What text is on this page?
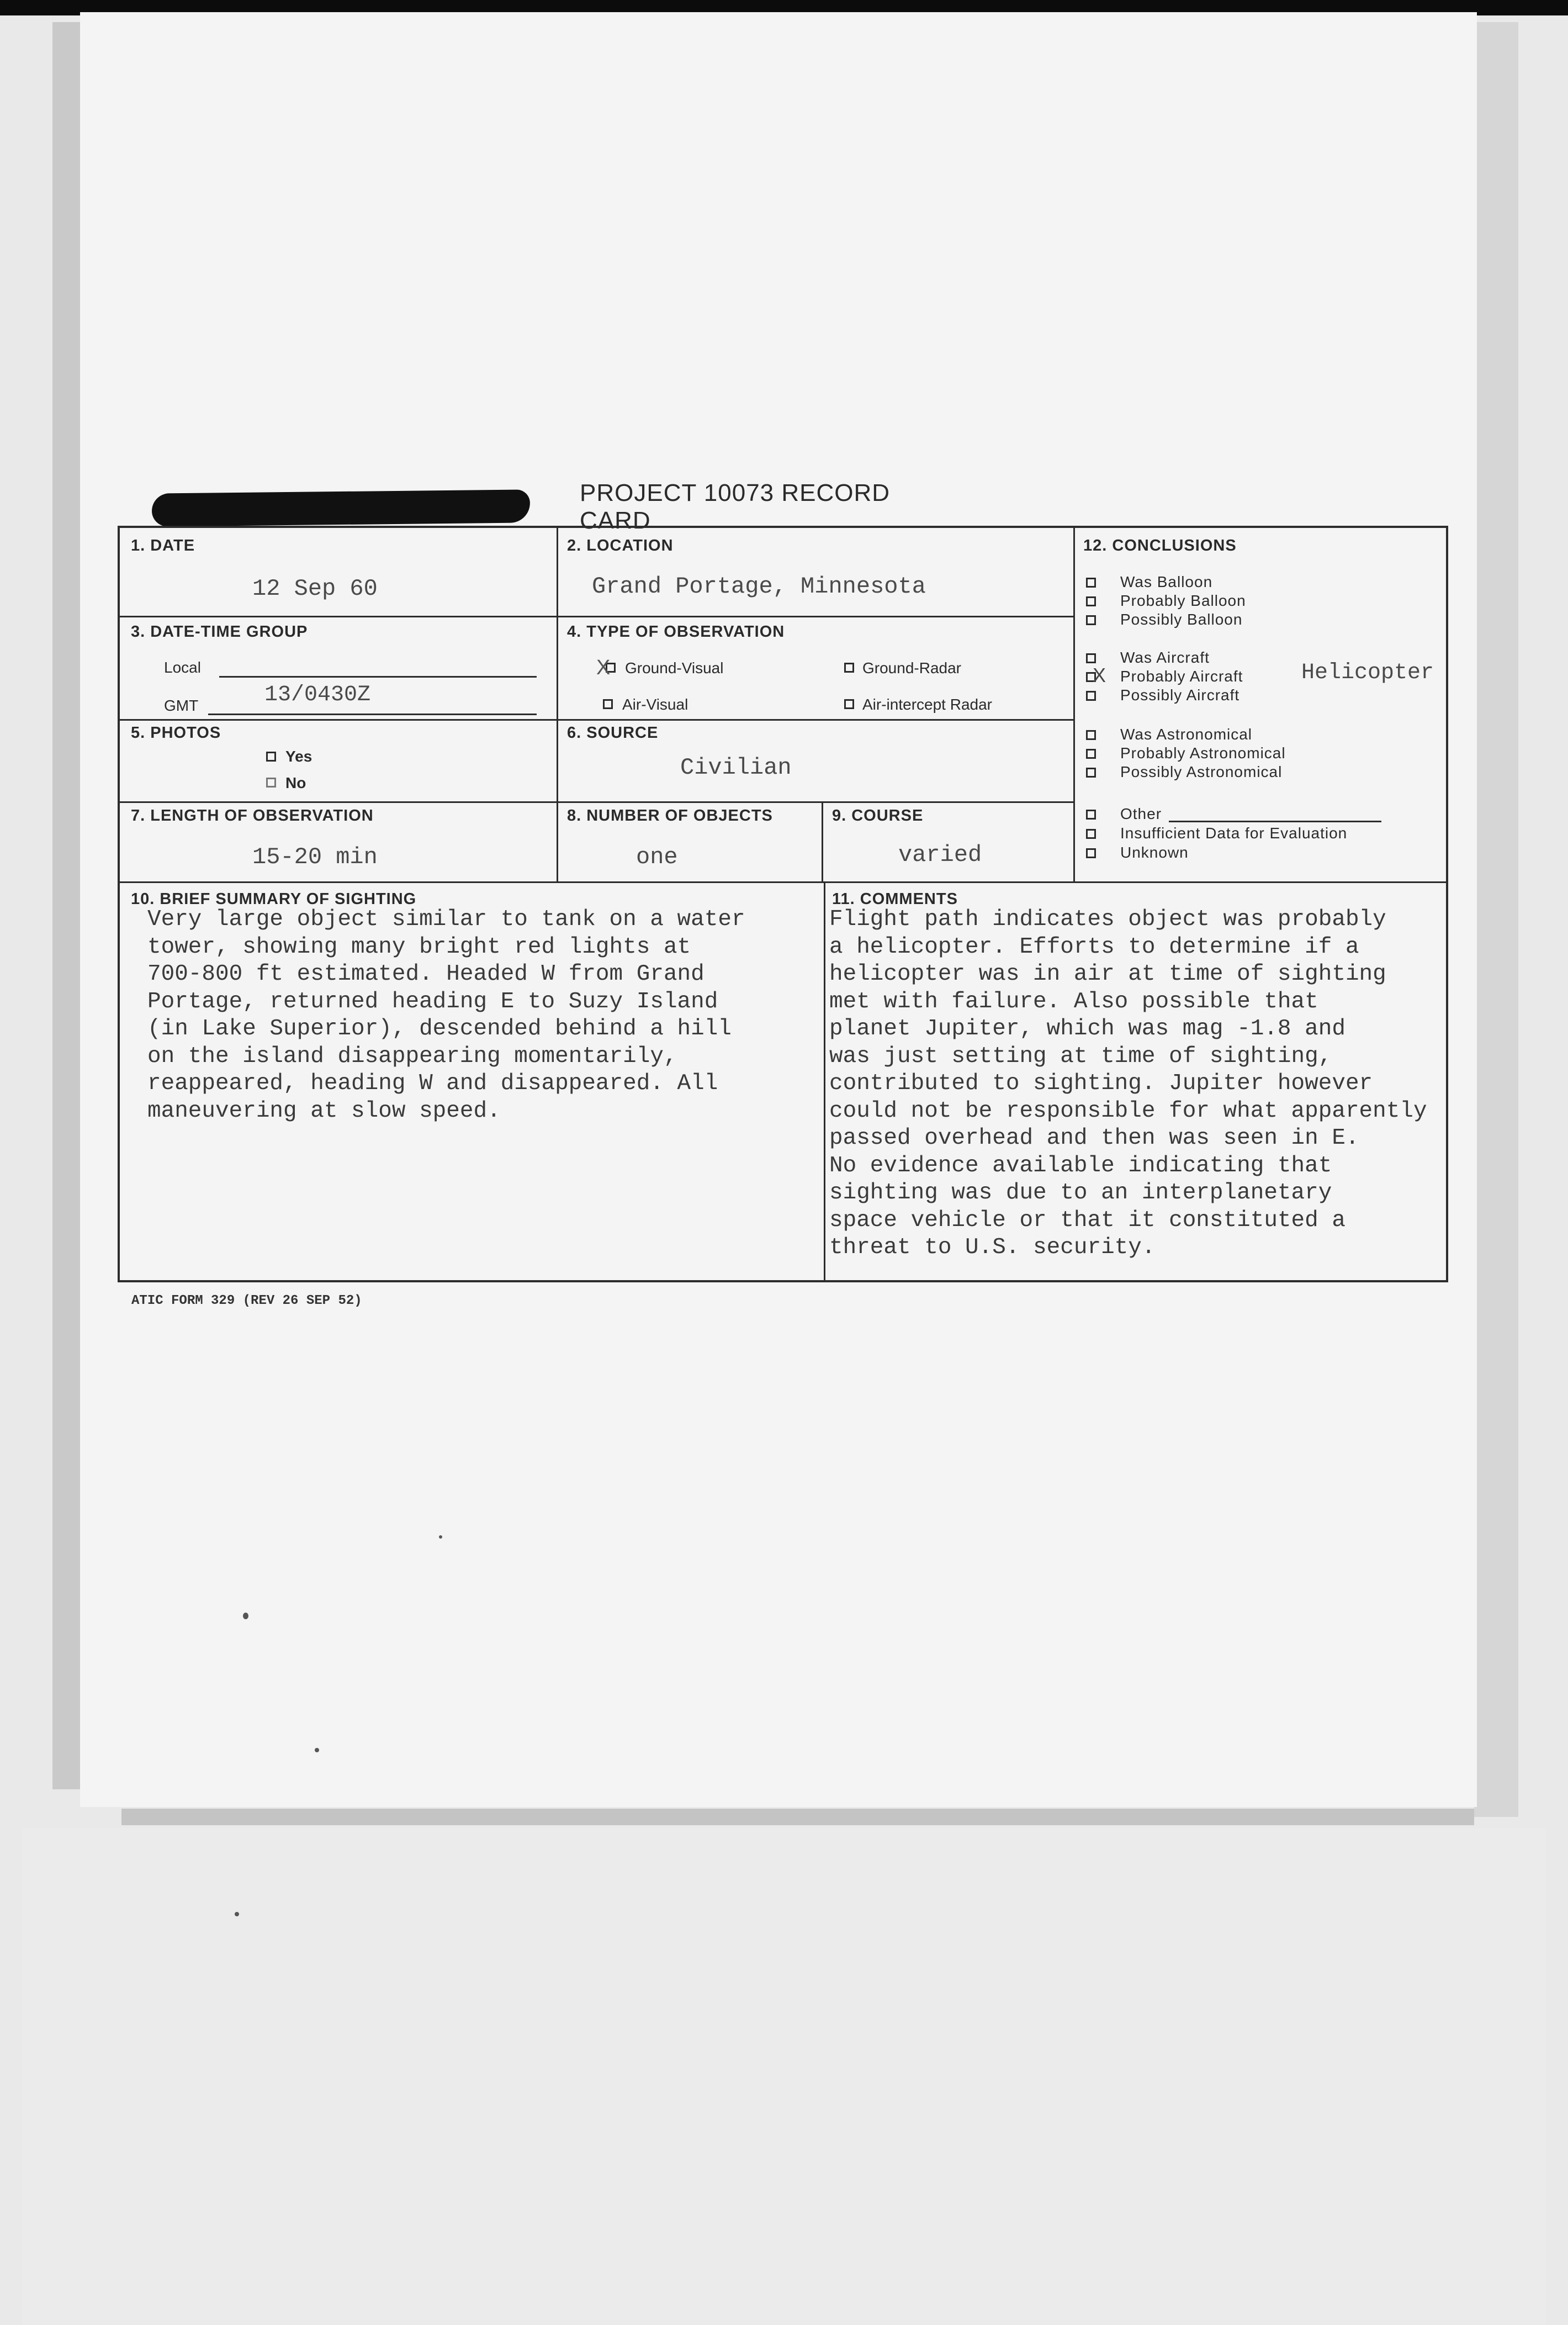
PROJECT 10073 RECORD CARD
1. DATE
12 Sep 60
2. LOCATION
Grand Portage, Minnesota
3. DATE-TIME GROUP
Local
GMT	13/0430Z
4. TYPE OF OBSERVATION
X Ground-Visual	Ground-Radar
Air-Visual	Air-intercept Radar
5. PHOTOS
Yes
No
6. SOURCE
Civilian
7. LENGTH OF OBSERVATION
15-20 min
8. NUMBER OF OBJECTS
one
9. COURSE
varied
10. BRIEF SUMMARY OF SIGHTING
Very large object similar to tank on a water
tower, showing many bright red lights at
700-800 ft estimated. Headed W from Grand
Portage, returned heading E to Suzy Island
(in Lake Superior), descended behind a hill
on the island disappearing momentarily,
reappeared, heading W and disappeared. All
maneuvering at slow speed.
11. COMMENTS
Flight path indicates object was probably
a helicopter. Efforts to determine if a
helicopter was in air at time of sighting
met with failure. Also possible that
planet Jupiter, which was mag -1.8 and
was just setting at time of sighting,
contributed to sighting. Jupiter however
could not be responsible for what apparently
passed overhead and then was seen in E.
No evidence available indicating that
sighting was due to an interplanetary
space vehicle or that it constituted a
threat to U.S. security.
12. CONCLUSIONS
Was Balloon
Probably Balloon
Possibly Balloon
Was Aircraft
X Probably Aircraft	Helicopter
Possibly Aircraft
Was Astronomical
Probably Astronomical
Possibly Astronomical
Other
Insufficient Data for Evaluation
Unknown
ATIC FORM 329 (REV 26 SEP 52)
